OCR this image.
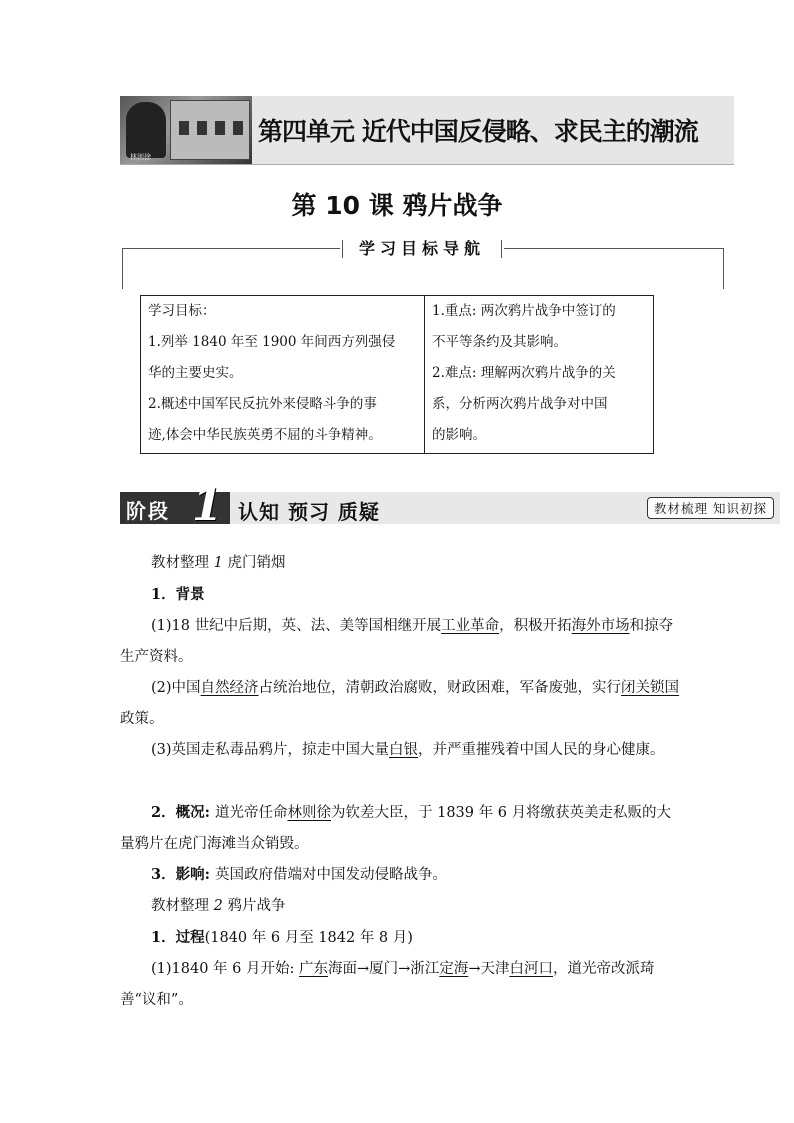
林则徐
第四单元 近代中国反侵略、求民主的潮流
第 10 课 鸦片战争
学习目标导航
学习目标：
1.列举 1840 年至 1900 年间西方列强侵
华的主要史实。
2.概述中国军民反抗外来侵略斗争的事
迹,体会中华民族英勇不屈的斗争精神。
1.重点: 两次鸦片战争中签订的
不平等条约及其影响。
2.难点: 理解两次鸦片战争的关
系，分析两次鸦片战争对中国
的影响。
阶段 1 认知 预习 质疑	教材梳理 知识初探
教材整理 1 虎门销烟
1．背景
(1)18 世纪中后期，英、法、美等国相继开展工业革命，积极开拓海外市场和掠夺生产资料。
(2)中国自然经济占统治地位，清朝政治腐败，财政困难，军备废弛，实行闭关锁国政策。
(3)英国走私毒品鸦片，掠走中国大量白银，并严重摧残着中国人民的身心健康。
2．概况: 道光帝任命林则徐为钦差大臣，于 1839 年 6 月将缴获英美走私贩的大量鸦片在虎门海滩当众销毁。
3．影响: 英国政府借端对中国发动侵略战争。
教材整理 2 鸦片战争
1．过程(1840 年 6 月至 1842 年 8 月)
(1)1840 年 6 月开始: 广东海面→厦门→浙江定海→天津白河口，道光帝改派琦善“议和”。
